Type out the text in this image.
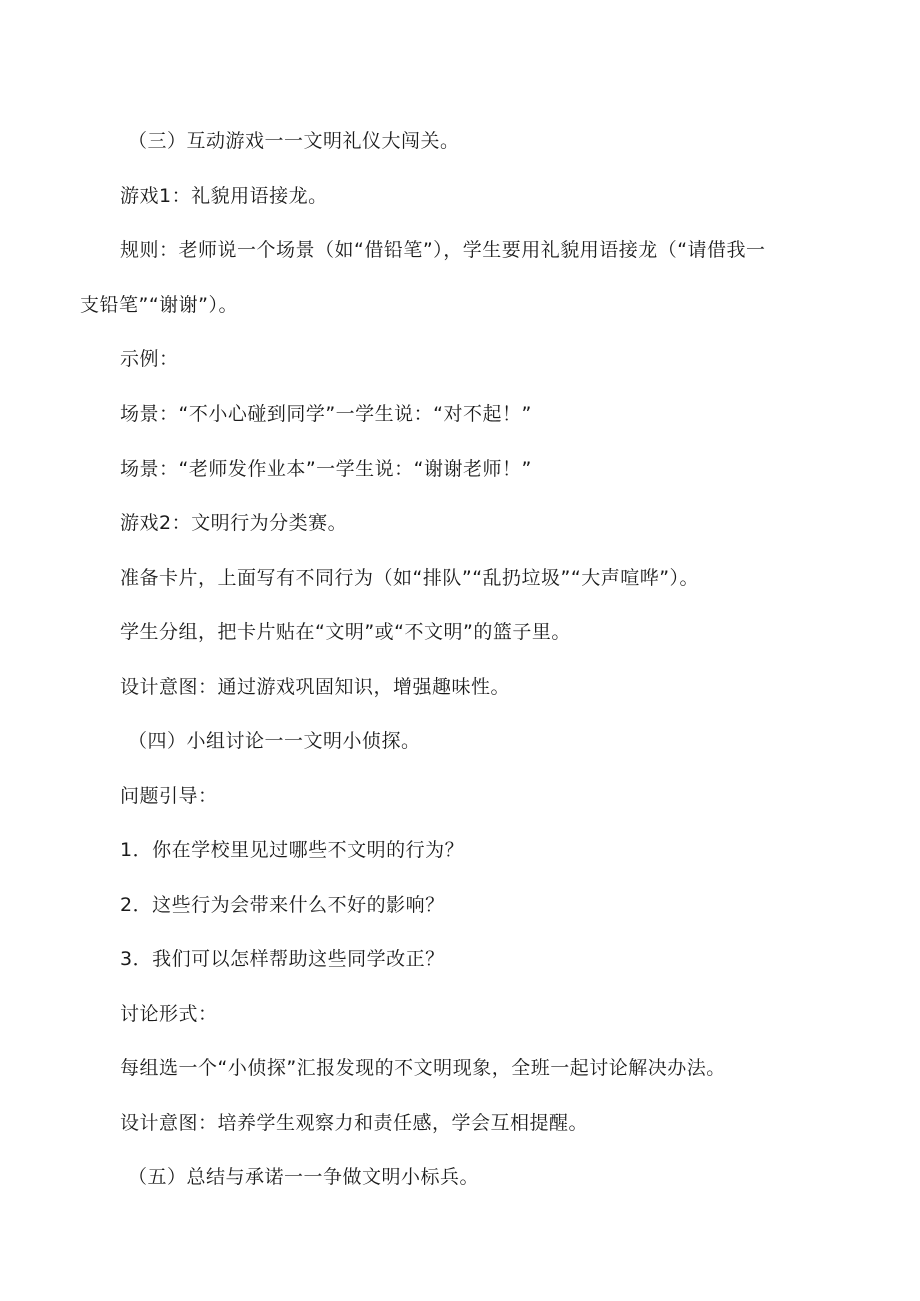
（三）互动游戏一一文明礼仪大闯关。
游戏1：礼貌用语接龙。
规则：老师说一个场景（如“借铅笔”），学生要用礼貌用语接龙（“请借我一
支铅笔”“谢谢”）。
示例：
场景：“不小心碰到同学”一学生说：“对不起！”
场景：“老师发作业本”一学生说：“谢谢老师！”
游戏2：文明行为分类赛。
准备卡片，上面写有不同行为（如“排队”“乱扔垃圾”“大声喧哗”）。
学生分组，把卡片贴在“文明”或“不文明”的篮子里。
设计意图：通过游戏巩固知识，增强趣味性。
（四）小组讨论一一文明小侦探。
问题引导：
1．你在学校里见过哪些不文明的行为？
2．这些行为会带来什么不好的影响？
3．我们可以怎样帮助这些同学改正？
讨论形式：
每组选一个“小侦探”汇报发现的不文明现象，全班一起讨论解决办法。
设计意图：培养学生观察力和责任感，学会互相提醒。
（五）总结与承诺一一争做文明小标兵。
